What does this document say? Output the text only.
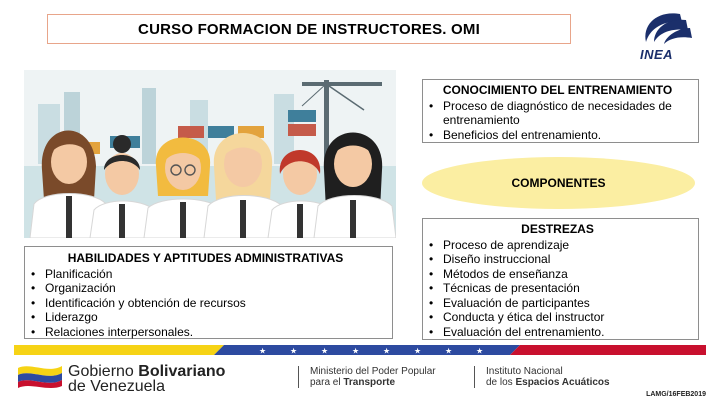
CURSO FORMACION DE INSTRUCTORES. OMI
INEA
CONOCIMIENTO DEL ENTRENAMIENTO
• Proceso de diagnóstico de necesidades de entrenamiento
• Beneficios del entrenamiento.
COMPONENTES
DESTREZAS
• Proceso de aprendizaje
• Diseño instruccional
• Métodos de enseñanza
• Técnicas de presentación
• Evaluación de participantes
• Conducta y ética del instructor
• Evaluación del entrenamiento.
HABILIDADES Y APTITUDES ADMINISTRATIVAS
• Planificación
• Organización
• Identificación y obtención de recursos
• Liderazgo
• Relaciones interpersonales.
★	★	★	★	★	★	★	★
Gobierno Bolivariano
de Venezuela
Ministerio del Poder Popular
para el Transporte
Instituto Nacional
de los Espacios Acuáticos
LAMG/16FEB2019
